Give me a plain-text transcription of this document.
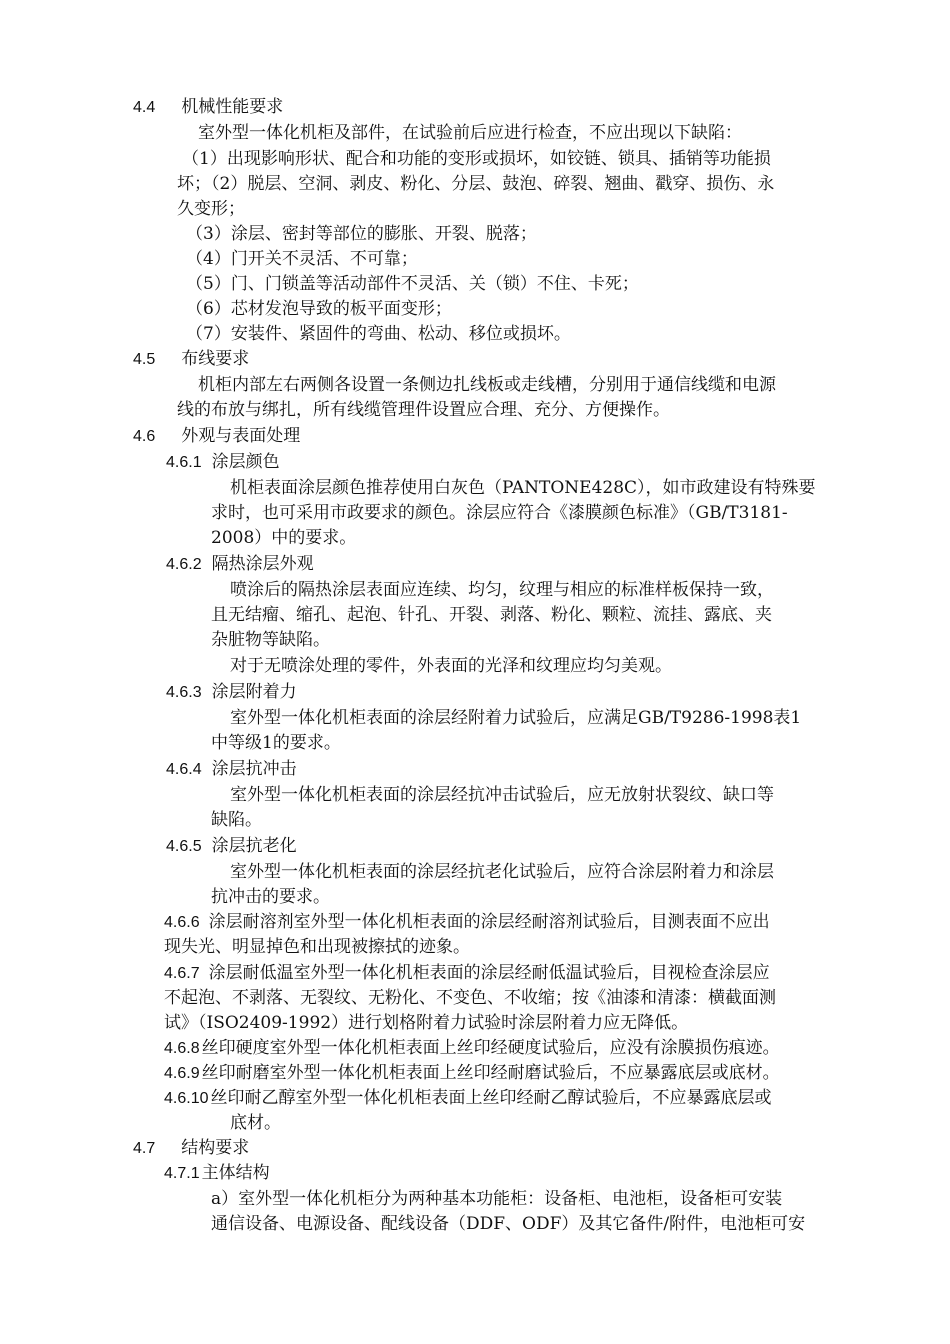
4.4 机械性能要求
室外型一体化机柜及部件，在试验前后应进行检查，不应出现以下缺陷：
（1）出现影响形状、配合和功能的变形或损坏，如铰链、锁具、插销等功能损
坏；（2）脱层、空洞、剥皮、粉化、分层、鼓泡、碎裂、翘曲、戳穿、损伤、永
久变形；
（3）涂层、密封等部位的膨胀、开裂、脱落；
（4）门开关不灵活、不可靠；
（5）门、门锁盖等活动部件不灵活、关（锁）不住、卡死；
（6）芯材发泡导致的板平面变形；
（7）安装件、紧固件的弯曲、松动、移位或损坏。
4.5 布线要求
机柜内部左右两侧各设置一条侧边扎线板或走线槽，分别用于通信线缆和电源
线的布放与绑扎，所有线缆管理件设置应合理、充分、方便操作。
4.6 外观与表面处理
4.6.1 涂层颜色
机柜表面涂层颜色推荐使用白灰色（PANTONE428C），如市政建设有特殊要
求时，也可采用市政要求的颜色。涂层应符合《漆膜颜色标准》（GB/T3181-
2008）中的要求。
4.6.2 隔热涂层外观
喷涂后的隔热涂层表面应连续、均匀，纹理与相应的标准样板保持一致，
且无结瘤、缩孔、起泡、针孔、开裂、剥落、粉化、颗粒、流挂、露底、夹
杂脏物等缺陷。
对于无喷涂处理的零件，外表面的光泽和纹理应均匀美观。
4.6.3 涂层附着力
室外型一体化机柜表面的涂层经附着力试验后，应满足GB/T9286-1998表1
中等级1的要求。
4.6.4 涂层抗冲击
室外型一体化机柜表面的涂层经抗冲击试验后，应无放射状裂纹、缺口等
缺陷。
4.6.5 涂层抗老化
室外型一体化机柜表面的涂层经抗老化试验后，应符合涂层附着力和涂层
抗冲击的要求。
4.6.6 涂层耐溶剂室外型一体化机柜表面的涂层经耐溶剂试验后，目测表面不应出
现失光、明显掉色和出现被擦拭的迹象。
4.6.7 涂层耐低温室外型一体化机柜表面的涂层经耐低温试验后，目视检查涂层应
不起泡、不剥落、无裂纹、无粉化、不变色、不收缩；按《油漆和清漆：横截面测
试》（ISO2409-1992）进行划格附着力试验时涂层附着力应无降低。
4.6.8 丝印硬度室外型一体化机柜表面上丝印经硬度试验后，应没有涂膜损伤痕迹。
4.6.9 丝印耐磨室外型一体化机柜表面上丝印经耐磨试验后，不应暴露底层或底材。
4.6.10 丝印耐乙醇室外型一体化机柜表面上丝印经耐乙醇试验后，不应暴露底层或
底材。
4.7 结构要求
4.7.1 主体结构
a）室外型一体化机柜分为两种基本功能柜：设备柜、电池柜，设备柜可安装
通信设备、电源设备、配线设备（DDF、ODF）及其它备件/附件，电池柜可安
